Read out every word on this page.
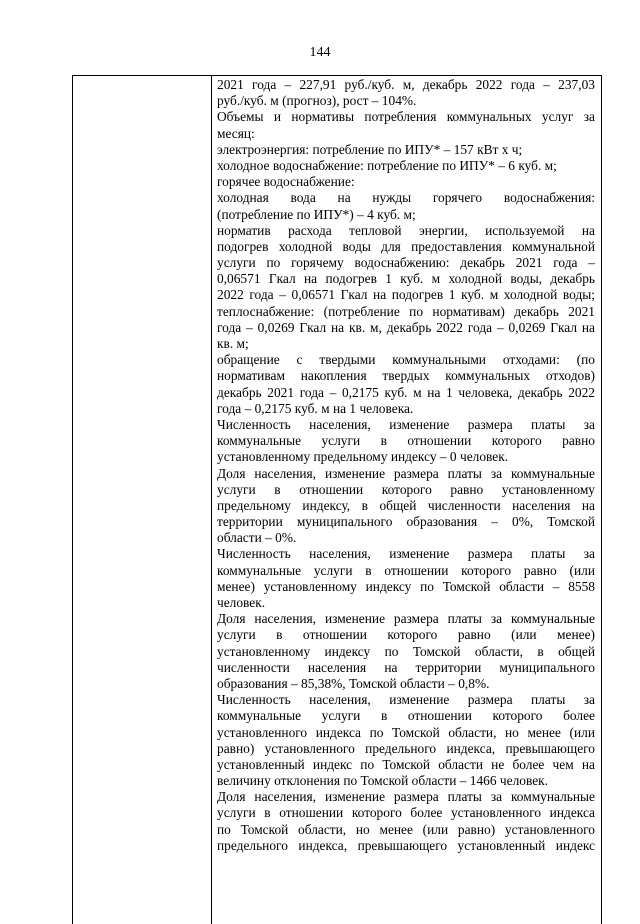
144
2021 года – 227,91 руб./куб. м, декабрь 2022 года – 237,03
руб./куб. м (прогноз), рост – 104%.
Объемы и нормативы потребления коммунальных услуг за
месяц:
электроэнергия: потребление по ИПУ* – 157 кВт х ч;
холодное водоснабжение: потребление по ИПУ* – 6 куб. м;
горячее водоснабжение:
холодная вода на нужды горячего водоснабжения:
(потребление по ИПУ*) – 4 куб. м;
норматив расхода тепловой энергии, используемой на
подогрев холодной воды для предоставления коммунальной
услуги по горячему водоснабжению: декабрь 2021 года –
0,06571 Гкал на подогрев 1 куб. м холодной воды, декабрь
2022 года – 0,06571 Гкал на подогрев 1 куб. м холодной воды;
теплоснабжение: (потребление по нормативам) декабрь 2021
года – 0,0269 Гкал на кв. м, декабрь 2022 года – 0,0269 Гкал на
кв. м;
обращение с твердыми коммунальными отходами: (по
нормативам накопления твердых коммунальных отходов)
декабрь 2021 года – 0,2175 куб. м на 1 человека, декабрь 2022
года – 0,2175 куб. м на 1 человека.
Численность населения, изменение размера платы за
коммунальные услуги в отношении которого равно
установленному предельному индексу – 0 человек.
Доля населения, изменение размера платы за коммунальные
услуги в отношении которого равно установленному
предельному индексу, в общей численности населения на
территории муниципального образования – 0%, Томской
области – 0%.
Численность населения, изменение размера платы за
коммунальные услуги в отношении которого равно (или
менее) установленному индексу по Томской области – 8558
человек.
Доля населения, изменение размера платы за коммунальные
услуги в отношении которого равно (или менее)
установленному индексу по Томской области, в общей
численности населения на территории муниципального
образования – 85,38%, Томской области – 0,8%.
Численность населения, изменение размера платы за
коммунальные услуги в отношении которого более
установленного индекса по Томской области, но менее (или
равно) установленного предельного индекса, превышающего
установленный индекс по Томской области не более чем на
величину отклонения по Томской области – 1466 человек.
Доля населения, изменение размера платы за коммунальные
услуги в отношении которого более установленного индекса
по Томской области, но менее (или равно) установленного
предельного индекса, превышающего установленный индекс
